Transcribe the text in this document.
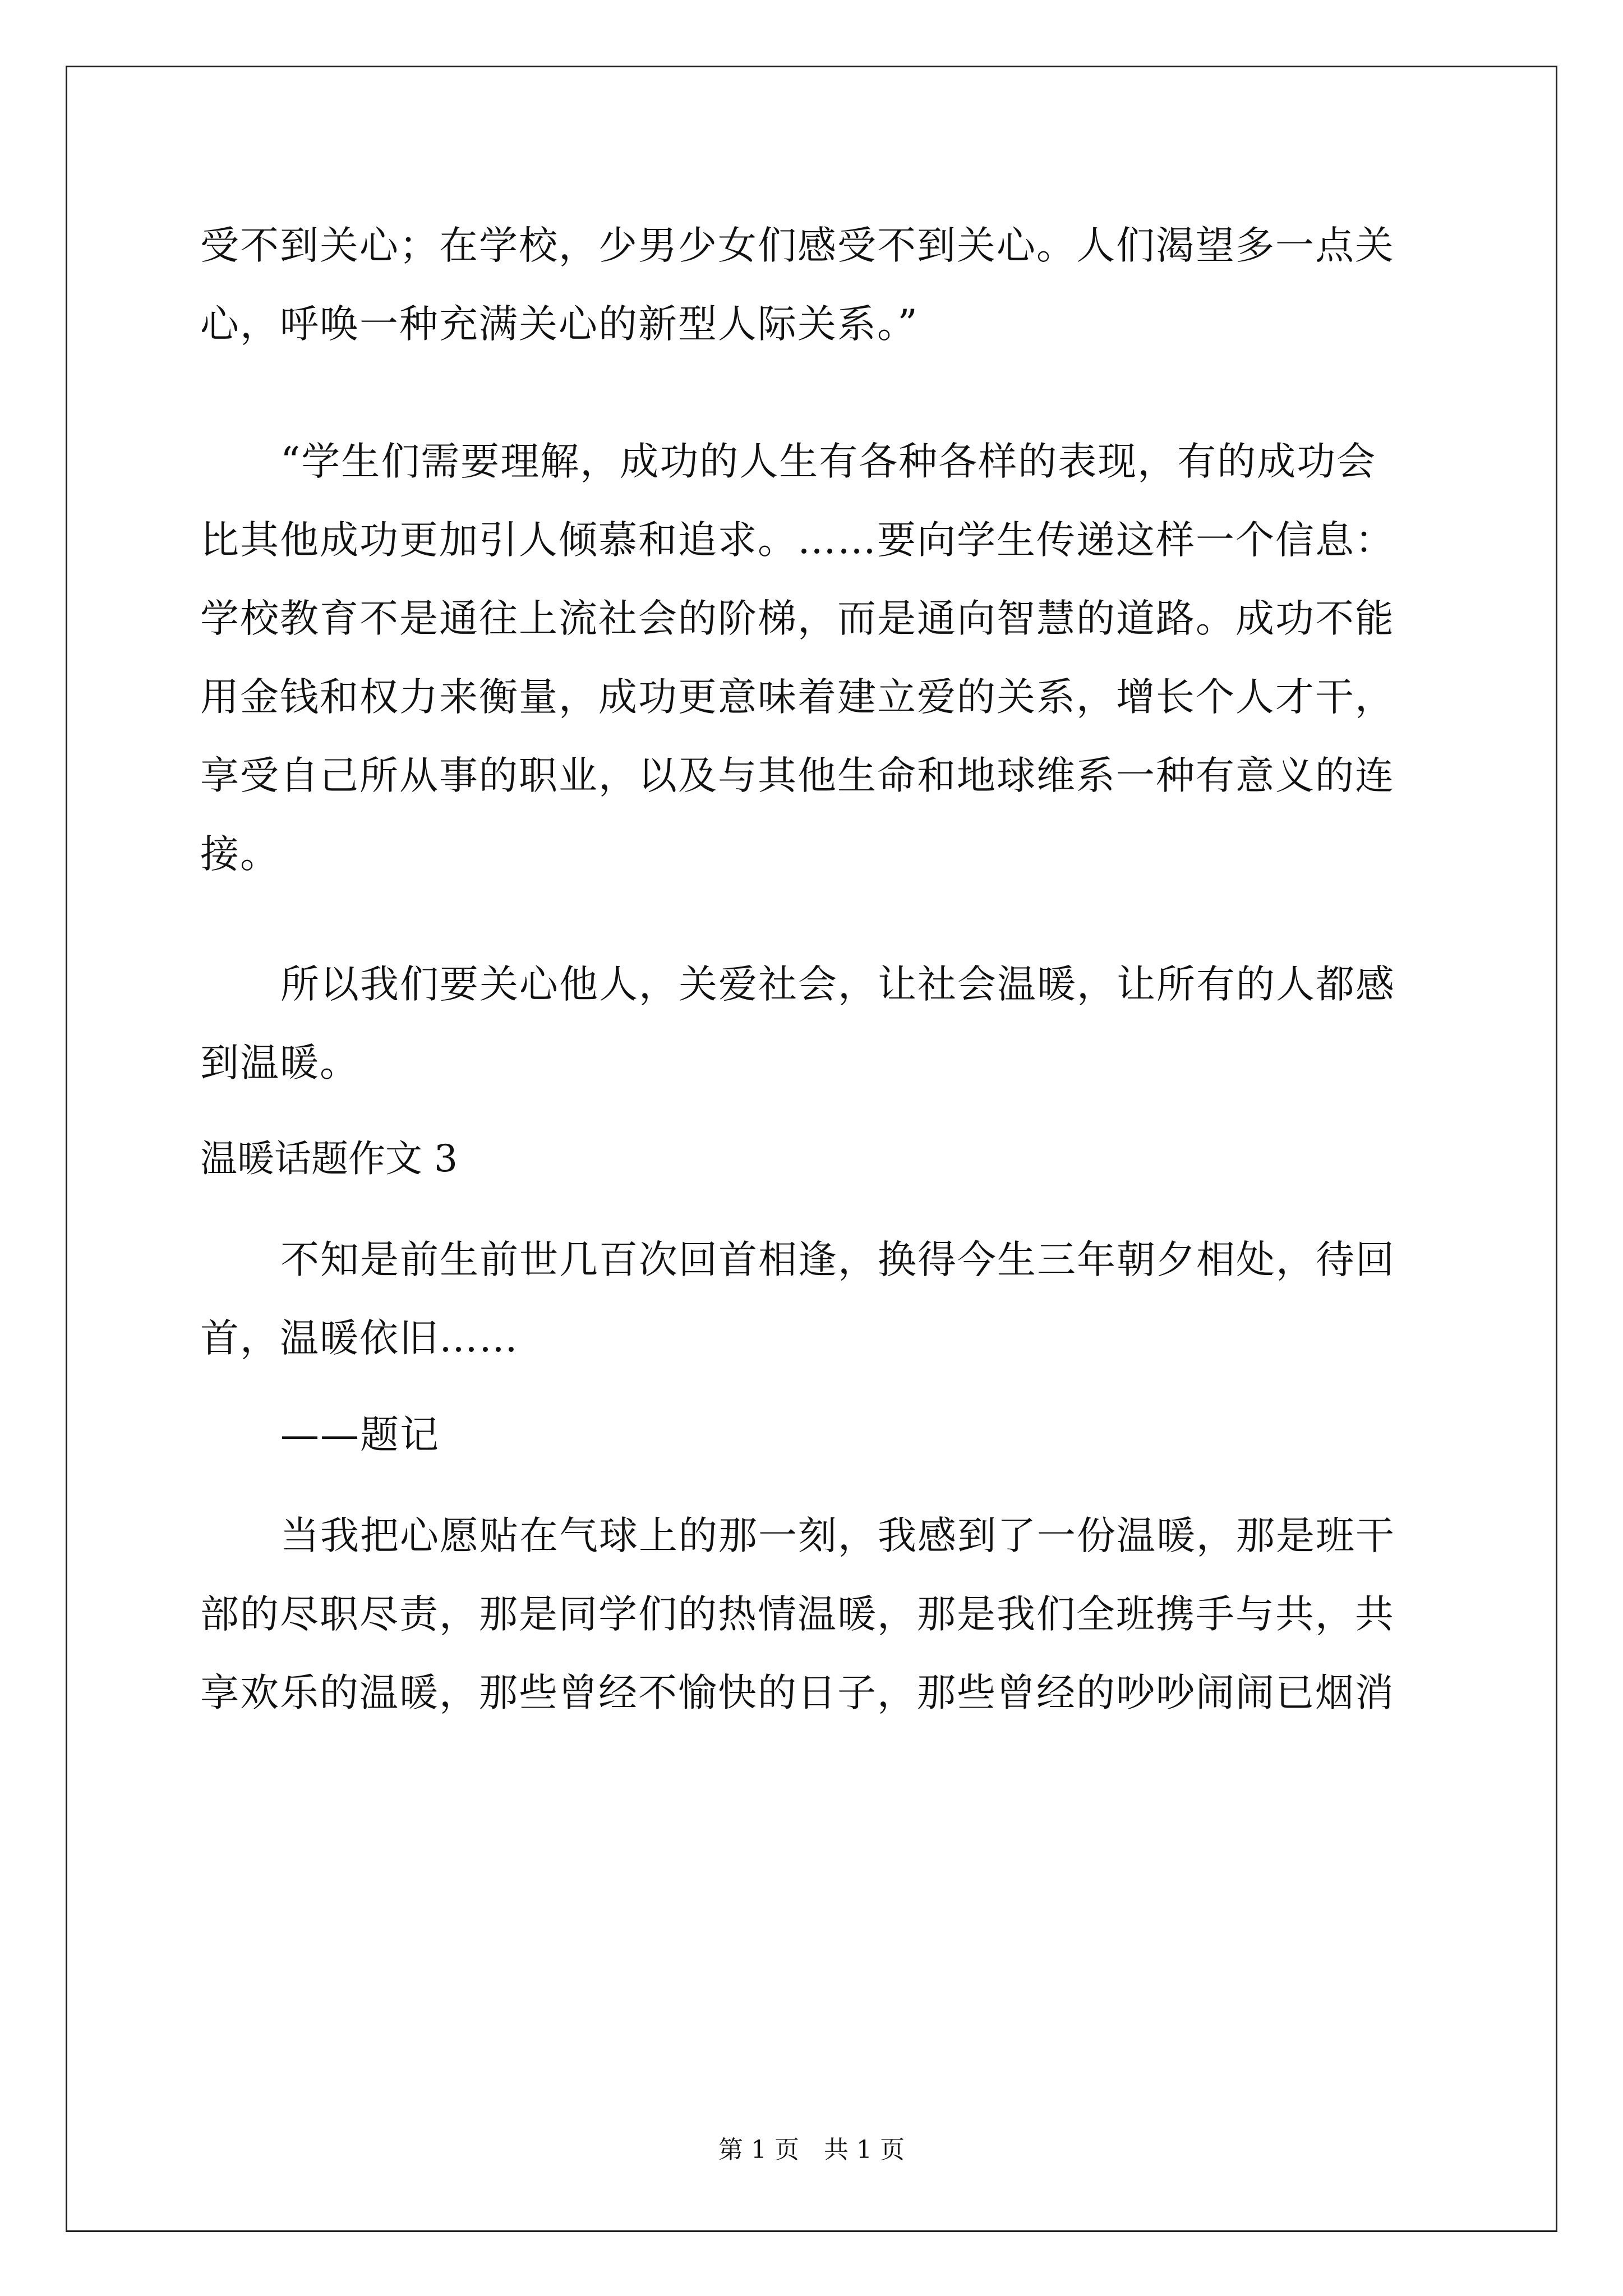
受不到关心；在学校，少男少女们感受不到关心。人们渴望多一点关
心，呼唤一种充满关心的新型人际关系。”
“学生们需要理解，成功的人生有各种各样的表现，有的成功会
比其他成功更加引人倾慕和追求。……要向学生传递这样一个信息：
学校教育不是通往上流社会的阶梯，而是通向智慧的道路。成功不能
用金钱和权力来衡量，成功更意味着建立爱的关系，增长个人才干，
享受自己所从事的职业，以及与其他生命和地球维系一种有意义的连
接。
所以我们要关心他人，关爱社会，让社会温暖，让所有的人都感
到温暖。
温暖话题作文 3
不知是前生前世几百次回首相逢，换得今生三年朝夕相处，待回
首，温暖依旧……
——题记
当我把心愿贴在气球上的那一刻，我感到了一份温暖，那是班干
部的尽职尽责，那是同学们的热情温暖，那是我们全班携手与共，共
享欢乐的温暖，那些曾经不愉快的日子，那些曾经的吵吵闹闹已烟消
第 1 页　共 1 页
